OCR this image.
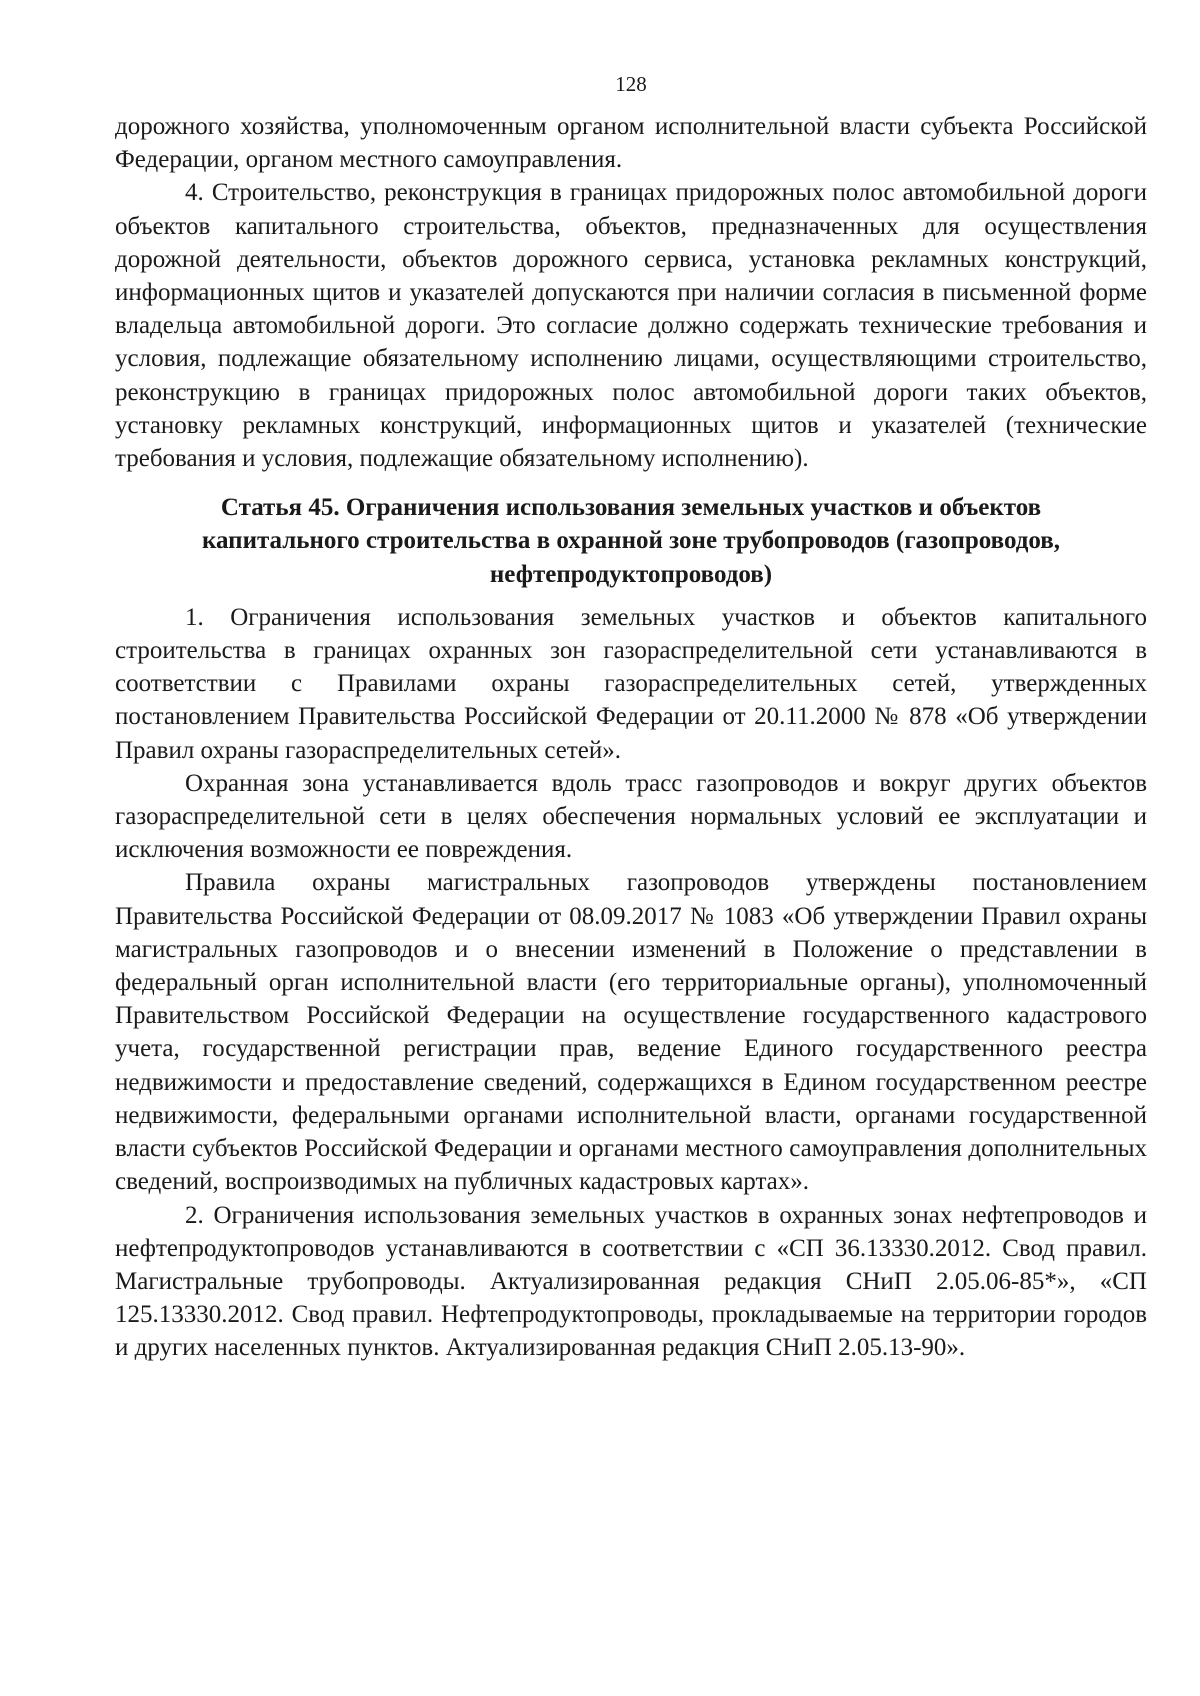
128

дорожного хозяйства, уполномоченным органом исполнительной власти субъекта Российской Федерации, органом местного самоуправления.

4. Строительство, реконструкция в границах придорожных полос автомобильной дороги объектов капитального строительства, объектов, предназначенных для осуществления дорожной деятельности, объектов дорожного сервиса, установка рекламных конструкций, информационных щитов и указателей допускаются при наличии согласия в письменной форме владельца автомобильной дороги. Это согласие должно содержать технические требования и условия, подлежащие обязательному исполнению лицами, осуществляющими строительство, реконструкцию в границах придорожных полос автомобильной дороги таких объектов, установку рекламных конструкций, информационных щитов и указателей (технические требования и условия, подлежащие обязательному исполнению).

Статья 45. Ограничения использования земельных участков и объектов капитального строительства в охранной зоне трубопроводов (газопроводов, нефтепродуктопроводов)

1. Ограничения использования земельных участков и объектов капитального строительства в границах охранных зон газораспределительной сети устанавливаются в соответствии с Правилами охраны газораспределительных сетей, утвержденных постановлением Правительства Российской Федерации от 20.11.2000 № 878 «Об утверждении Правил охраны газораспределительных сетей».

Охранная зона устанавливается вдоль трасс газопроводов и вокруг других объектов газораспределительной сети в целях обеспечения нормальных условий ее эксплуатации и исключения возможности ее повреждения.

Правила охраны магистральных газопроводов утверждены постановлением Правительства Российской Федерации от 08.09.2017 № 1083 «Об утверждении Правил охраны магистральных газопроводов и о внесении изменений в Положение о представлении в федеральный орган исполнительной власти (его территориальные органы), уполномоченный Правительством Российской Федерации на осуществление государственного кадастрового учета, государственной регистрации прав, ведение Единого государственного реестра недвижимости и предоставление сведений, содержащихся в Едином государственном реестре недвижимости, федеральными органами исполнительной власти, органами государственной власти субъектов Российской Федерации и органами местного самоуправления дополнительных сведений, воспроизводимых на публичных кадастровых картах».

2. Ограничения использования земельных участков в охранных зонах нефтепроводов и нефтепродуктопроводов устанавливаются в соответствии с «СП 36.13330.2012. Свод правил. Магистральные трубопроводы. Актуализированная редакция СНиП 2.05.06-85*», «СП 125.13330.2012. Свод правил. Нефтепродуктопроводы, прокладываемые на территории городов и других населенных пунктов. Актуализированная редакция СНиП 2.05.13-90».
